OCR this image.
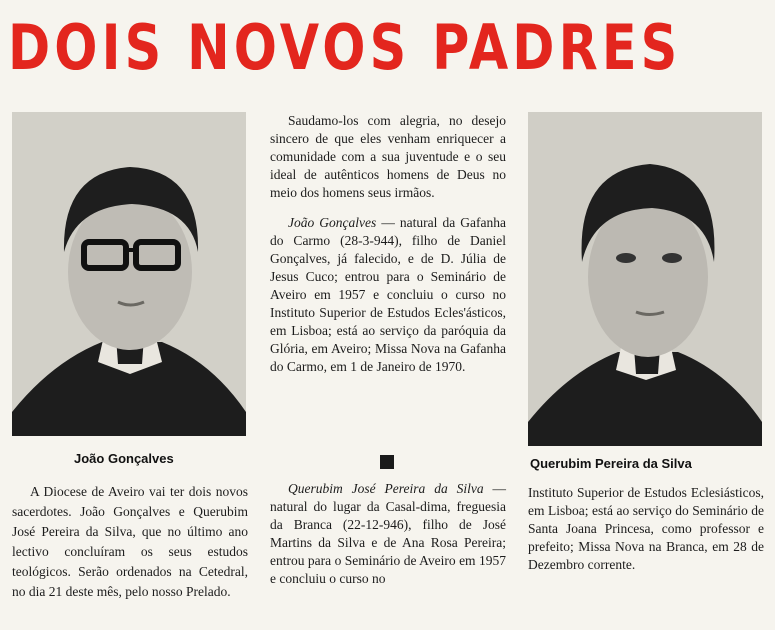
DOIS NOVOS PADRES
João Gonçalves	Querubim Pereira da Silva

A Diocese de Aveiro vai ter dois novos sacerdotes. João Gonçalves e Querubim José Pereira da Silva, que no último ano lectivo concluíram os seus estudos teológicos. Serão ordenados na Cetedral, no dia 21 deste mês, pelo nosso Prelado.

Saudamo-los com alegria, no desejo sincero de que eles venham enriquecer a comunidade com a sua juventude e o seu ideal de autênticos homens de Deus no meio dos homens seus irmãos.

João Gonçalves — natural da Gafanha do Carmo (28-3-944), filho de Daniel Gonçalves, já falecido, e de D. Júlia de Jesus Cuco; entrou para o Seminário de Aveiro em 1957 e concluiu o curso no Instituto Superior de Estudos Ecles'ásticos, em Lisboa; está ao serviço da paróquia da Glória, em Aveiro; Missa Nova na Gafanha do Carmo, em 1 de Janeiro de 1970.

Querubim José Pereira da Silva — natural do lugar da Casal-dima, freguesia da Branca (22-12-946), filho de José Martins da Silva e de Ana Rosa Pereira; entrou para o Seminário de Aveiro em 1957 e concluiu o curso no

Instituto Superior de Estudos Eclesiásticos, em Lisboa; está ao serviço do Seminário de Santa Joana Princesa, como professor e prefeito; Missa Nova na Branca, em 28 de Dezembro corrente.
